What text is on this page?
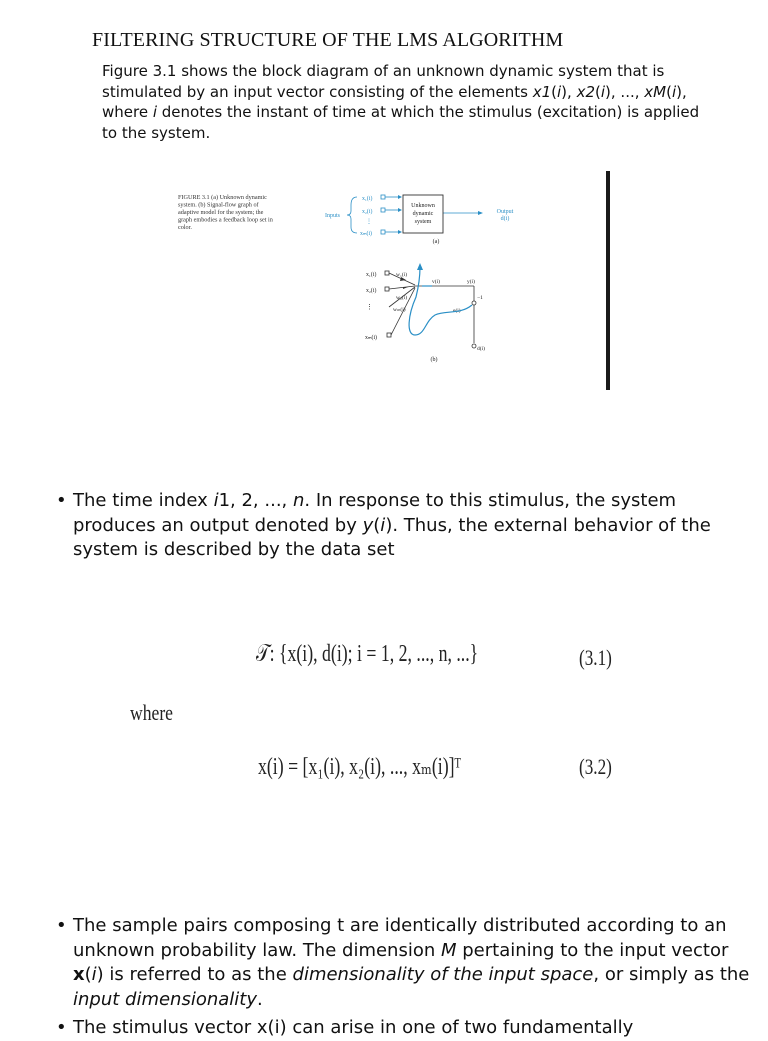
FILTERING STRUCTURE OF THE LMS ALGORITHM
Figure 3.1 shows the block diagram of an unknown dynamic system that is stimulated by an input vector consisting of the elements x1(i), x2(i), ..., xM(i), where i denotes the instant of time at which the stimulus (excitation) is applied to the system.
FIGURE 3.1 (a) Unknown dynamic system. (b) Signal-flow graph of adaptive model for the system; the graph embodies a feedback loop set in color.
Inputs
x₁(i)
x₂(i)
⋮
xₘ(i)
Unknown
dynamic
system
Output
d(i)
(a)
x₁(i)
x₂(i)
⋮
xₘ(i)
w₁(i)
w₂(i)
wₘ(i)
v(i)	y(i)
e(i)
d(i)
−1
(b)
• The time index i1, 2, ..., n. In response to this stimulus, the system produces an output denoted by y(i). Thus, the external behavior of the system is described by the data set
𝒯: {x(i), d(i); i = 1, 2, ..., n, ...}	(3.1)
where
x(i) = [x₁(i), x₂(i), ..., xₘ(i)]ᵀ	(3.2)
• The sample pairs composing t are identically distributed according to an unknown probability law. The dimension M pertaining to the input vector x(i) is referred to as the dimensionality of the input space, or simply as the input dimensionality.
• The stimulus vector x(i) can arise in one of two fundamentally
